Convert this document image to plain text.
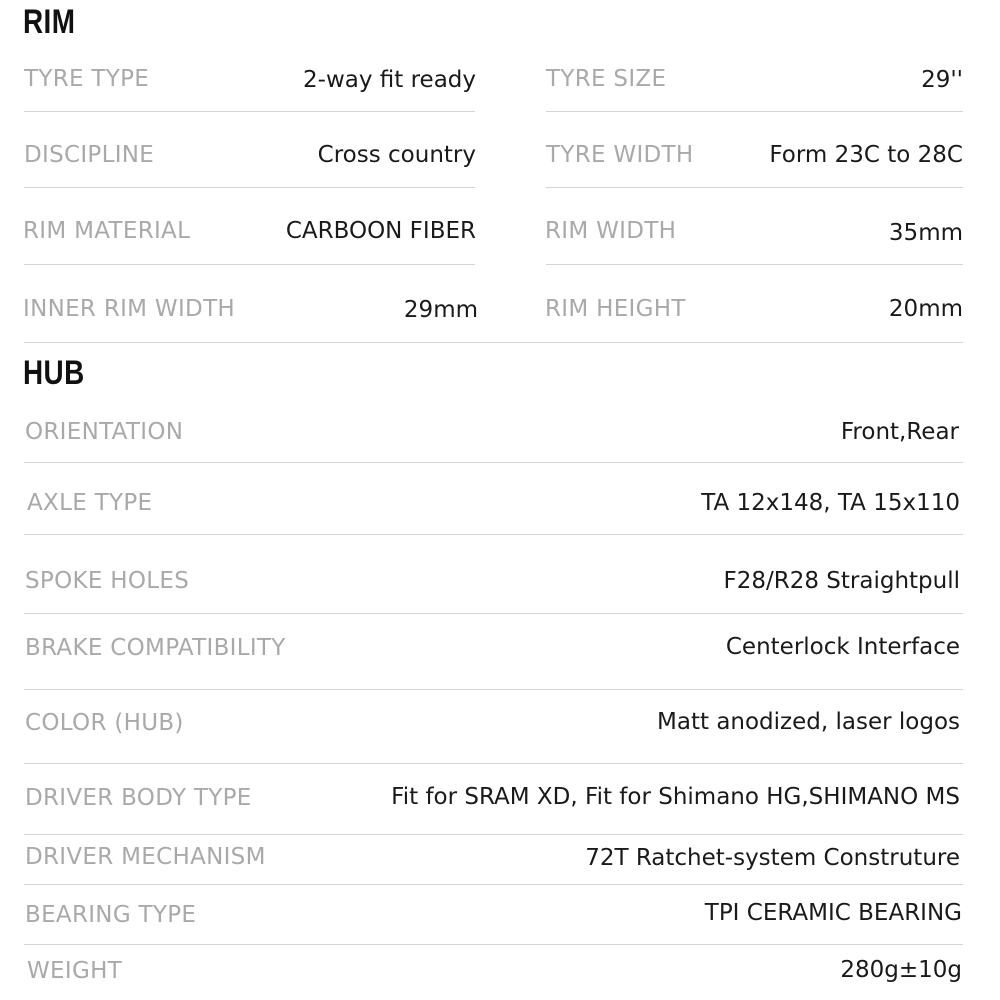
RIM
TYRE TYPE	2-way fit ready	TYRE SIZE	29''
DISCIPLINE	Cross country	TYRE WIDTH	Form 23C to 28C
RIM MATERIAL	CARBOON FIBER	RIM WIDTH	35mm
INNER RIM WIDTH	29mm	RIM HEIGHT	20mm
HUB
ORIENTATION	Front,Rear
AXLE TYPE	TA 12x148, TA 15x110
SPOKE HOLES	F28/R28 Straightpull
BRAKE COMPATIBILITY	Centerlock Interface
COLOR (HUB)	Matt anodized, laser logos
DRIVER BODY TYPE	Fit for SRAM XD, Fit for Shimano HG,SHIMANO MS
DRIVER MECHANISM	72T Ratchet-system Construture
BEARING TYPE	TPI CERAMIC BEARING
WEIGHT	280g±10g
